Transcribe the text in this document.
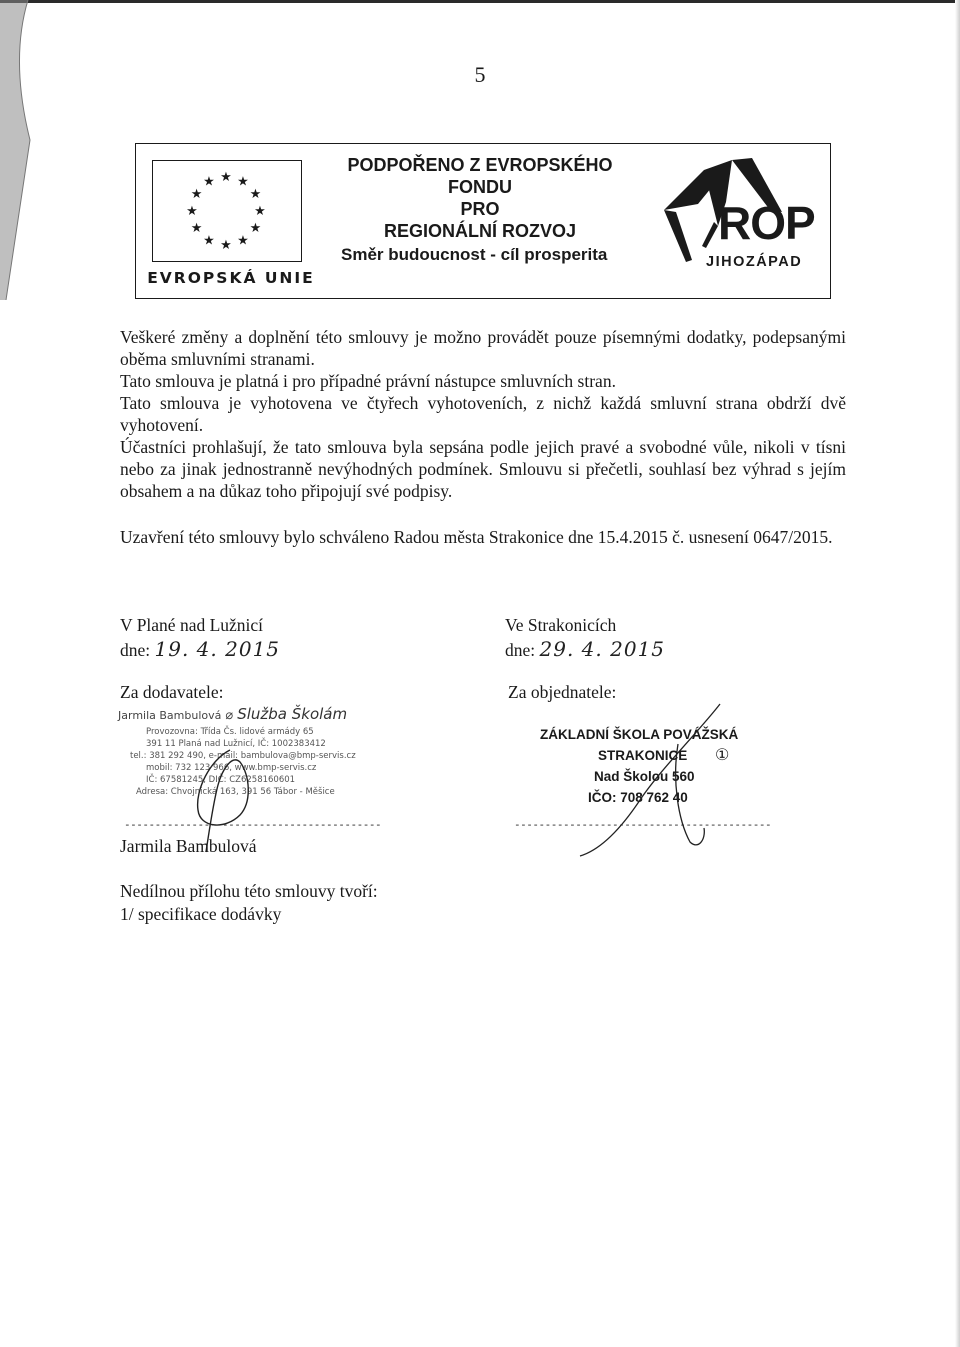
5
★ ★
★
★
★
★
★
★
★
★
★
★
EVROPSKÁ UNIE
PODPOŘENO Z EVROPSKÉHO FONDU
PRO
REGIONÁLNÍ ROZVOJ
Směr budoucnost - cíl prosperita
ROP
JIHOZÁPAD

Veškeré změny a doplnění této smlouvy je možno provádět pouze písemnými dodatky, podepsanými oběma smluvními stranami.

Tato smlouva je platná i pro případné právní nástupce smluvních stran.

Tato smlouva je vyhotovena ve čtyřech vyhotoveních, z nichž každá smluvní strana obdrží dvě vyhotovení.

Účastníci prohlašují, že tato smlouva byla sepsána podle jejich pravé a svobodné vůle, nikoli v tísni nebo za jinak jednostranně nevýhodných podmínek. Smlouvu si přečetli, souhlasí bez výhrad s jejím obsahem a na důkaz toho připojují své podpisy.

Uzavření této smlouvy bylo schváleno Radou města Strakonice dne 15.4.2015 č. usnesení 0647/2015.

V Plané nad Lužnicí
dne: 19. 4. 2015
Za dodavatele:
Jarmila Bambulová ⌀ Služba Školám
Provozovna: Třída Čs. lidové armády 65
391 11 Planá nad Lužnicí, IČ: 1002383412
tel.: 381 292 490, e-mail: bambulova@bmp-servis.cz
mobil: 732 123 966, www.bmp-servis.cz
IČ: 67581245, DIČ: CZ6258160601
Adresa: Chvojnická 163, 391 56 Tábor - Měšice
Ve Strakonicích
dne: 29. 4. 2015
Za objednatele:
ZÁKLADNÍ ŠKOLA POVÁŽSKÁ
STRAKONICE ①
Nad Školou 560
IČO: 708 762 40
------------------------------------------	------------------------------------------
Jarmila Bambulová
Nedílnou přílohu této smlouvy tvoří:
1/ specifikace dodávky
